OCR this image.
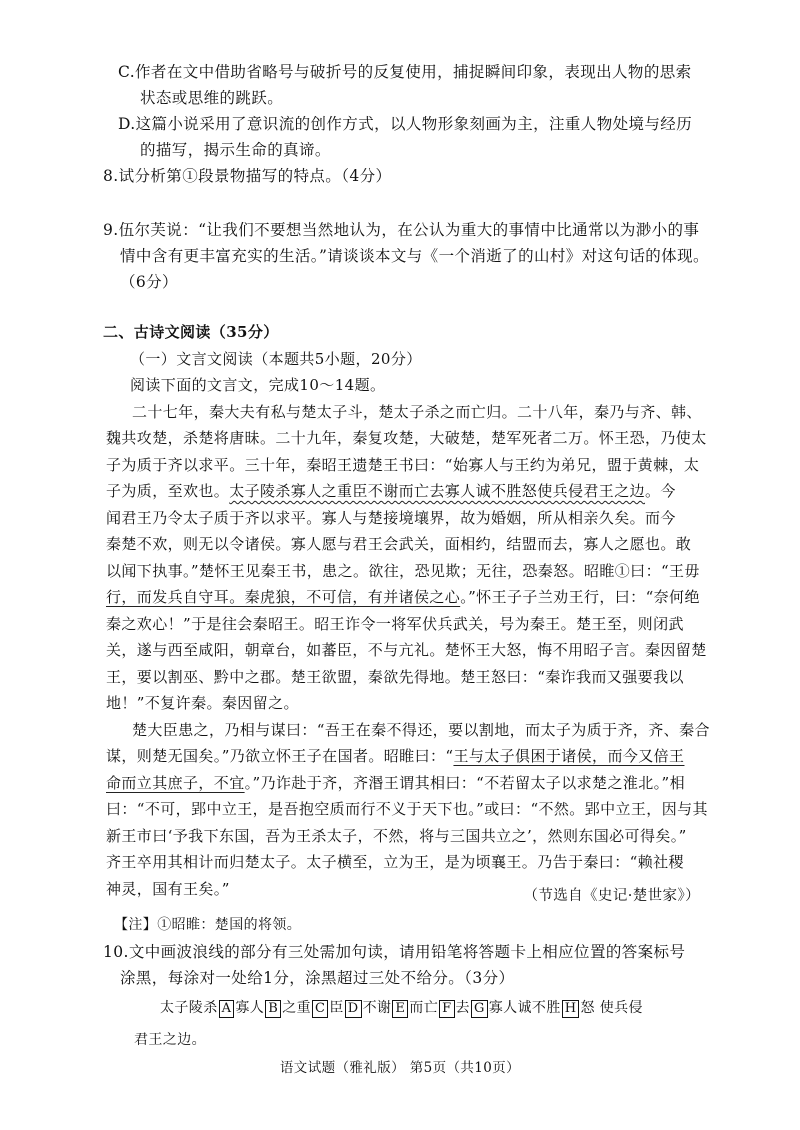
C.作者在文中借助省略号与破折号的反复使用，捕捉瞬间印象，表现出人物的思索
状态或思维的跳跃。
D.这篇小说采用了意识流的创作方式，以人物形象刻画为主，注重人物处境与经历
的描写，揭示生命的真谛。
8.试分析第①段景物描写的特点。（4分）
9.伍尔芙说：“让我们不要想当然地认为，在公认为重大的事情中比通常以为渺小的事
情中含有更丰富充实的生活。”请谈谈本文与《一个消逝了的山村》对这句话的体现。
（6分）
二、古诗文阅读（35分）
（一）文言文阅读（本题共5小题，20分）
阅读下面的文言文，完成10～14题。
二十七年，秦大夫有私与楚太子斗，楚太子杀之而亡归。二十八年，秦乃与齐、韩、
魏共攻楚，杀楚将唐昧。二十九年，秦复攻楚，大破楚，楚军死者二万。怀王恐，乃使太
子为质于齐以求平。三十年，秦昭王遗楚王书曰：“始寡人与王约为弟兄，盟于黄棘，太
子为质，至欢也。太子陵杀寡人之重臣不谢而亡去寡人诚不胜怒使兵侵君王之边。今
闻君王乃令太子质于齐以求平。寡人与楚接境壤界，故为婚姻，所从相亲久矣。而今
秦楚不欢，则无以令诸侯。寡人愿与君王会武关，面相约，结盟而去，寡人之愿也。敢
以闻下执事。”楚怀王见秦王书，患之。欲往，恐见欺；无往，恐秦怒。昭睢①曰：“王毋
行，而发兵自守耳。秦虎狼，不可信，有并诸侯之心。”怀王子子兰劝王行，曰：“奈何绝
秦之欢心！”于是往会秦昭王。昭王诈令一将军伏兵武关，号为秦王。楚王至，则闭武
关，遂与西至咸阳，朝章台，如蕃臣，不与亢礼。楚怀王大怒，悔不用昭子言。秦因留楚
王，要以割巫、黔中之郡。楚王欲盟，秦欲先得地。楚王怒曰：“秦诈我而又强要我以
地！”不复许秦。秦因留之。
楚大臣患之，乃相与谋曰：“吾王在秦不得还，要以割地，而太子为质于齐，齐、秦合
谋，则楚无国矣。”乃欲立怀王子在国者。昭睢曰：“王与太子俱困于诸侯，而今又倍王
命而立其庶子，不宜。”乃诈赴于齐，齐湣王谓其相曰：“不若留太子以求楚之淮北。”相
曰：“不可，郢中立王，是吾抱空质而行不义于天下也。”或曰：“不然。郢中立王，因与其
新王市曰‘予我下东国，吾为王杀太子，不然，将与三国共立之’，然则东国必可得矣。”
齐王卒用其相计而归楚太子。太子横至，立为王，是为顷襄王。乃告于秦曰：“赖社稷
神灵，国有王矣。”	（节选自《史记·楚世家》）
【注】①昭睢：楚国的将领。
10.文中画波浪线的部分有三处需加句读，请用铅笔将答题卡上相应位置的答案标号
涂黑，每涂对一处给1分，涂黑超过三处不给分。（3分）
太子陵杀 A 寡人 B 之重 C 臣 D 不谢 E 而亡 F 去 G 寡人诚不胜 H 怒 使兵侵
君王之边。
语文试题（雅礼版） 第5页（共10页）
